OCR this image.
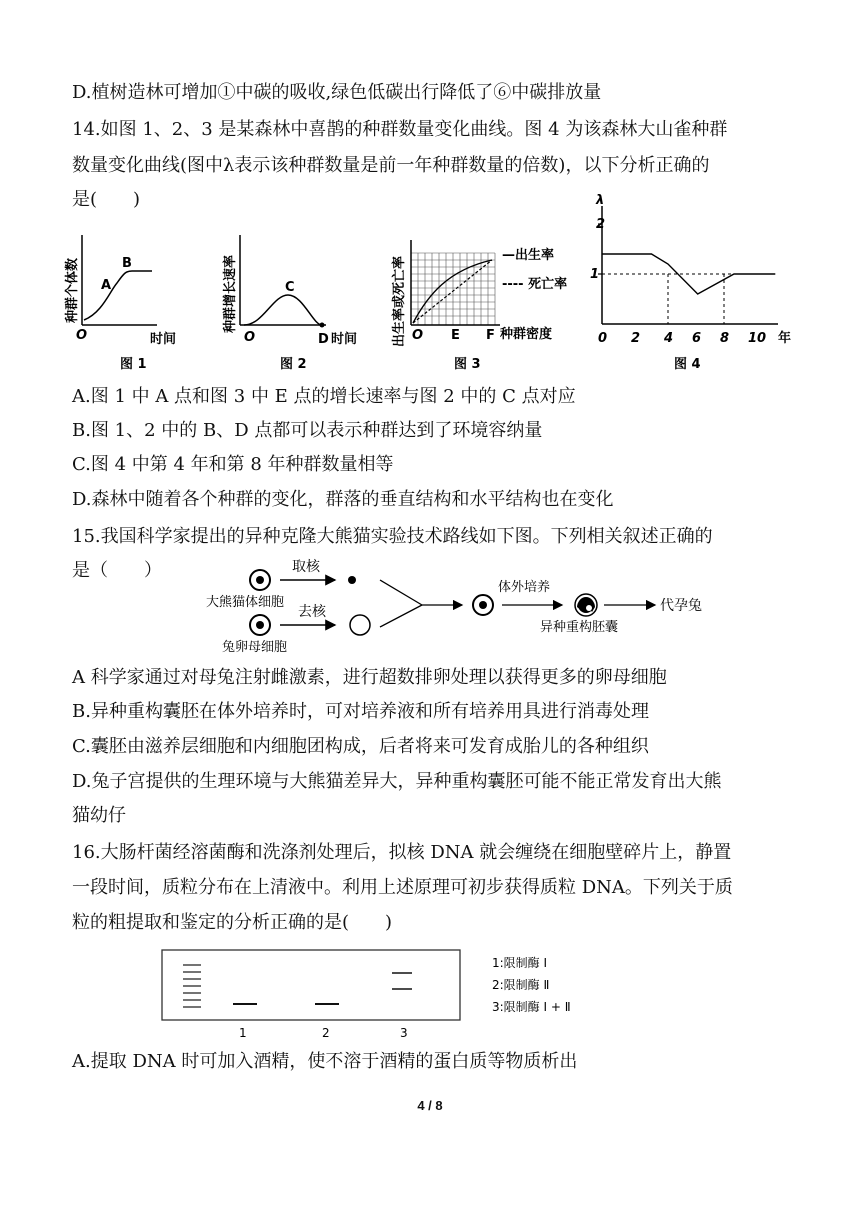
D.植树造林可增加①中碳的吸收,绿色低碳出行降低了⑥中碳排放量
14.如图 1、2、3 是某森林中喜鹊的种群数量变化曲线。图 4 为该森林大山雀种群
数量变化曲线(图中λ表示该种群数量是前一年种群数量的倍数)，以下分析正确的
是(　　)
种群个体数 A
B
O	时间
图 1
种群增长速率	C
O	D 时间
图 2
出生率或死亡率
—出生率
---- 死亡率
O E F 种群密度
图 3
λ
2
1
0 2 4 6 8 10 年
图 4
A.图 1 中 A 点和图 3 中 E 点的增长速率与图 2 中的 C 点对应
B.图 1、2 中的 B、D 点都可以表示种群达到了环境容纳量
C.图 4 中第 4 年和第 8 年种群数量相等
D.森林中随着各个种群的变化，群落的垂直结构和水平结构也在变化
15.我国科学家提出的异种克隆大熊猫实验技术路线如下图。下列相关叙述正确的
是（　　）	取核
大熊猫体细胞
去核
兔卵母细胞
体外培养
异种重构胚囊
代孕兔
A 科学家通过对母兔注射雌激素，进行超数排卵处理以获得更多的卵母细胞
B.异种重构囊胚在体外培养时，可对培养液和所有培养用具进行消毒处理
C.囊胚由滋养层细胞和内细胞团构成，后者将来可发育成胎儿的各种组织
D.兔子宫提供的生理环境与大熊猫差异大，异种重构囊胚可能不能正常发育出大熊
猫幼仔
16.大肠杆菌经溶菌酶和洗涤剂处理后，拟核 DNA 就会缠绕在细胞壁碎片上，静置
一段时间，质粒分布在上清液中。利用上述原理可初步获得质粒 DNA。下列关于质
粒的粗提取和鉴定的分析正确的是(　　)
1	2	3
1:限制酶 Ⅰ
2:限制酶 Ⅱ
3:限制酶 Ⅰ + Ⅱ
A.提取 DNA 时可加入酒精，使不溶于酒精的蛋白质等物质析出
4 / 8
